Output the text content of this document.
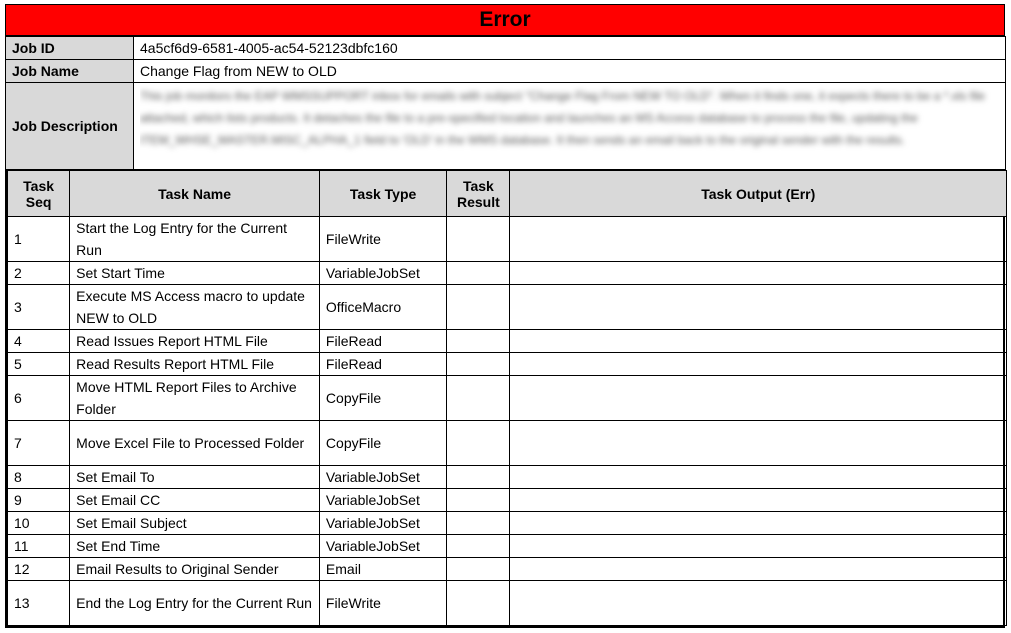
Error
Job ID	4a5cf6d9-6581-4005-ac54-52123dbfc160
Job Name	Change Flag from NEW to OLD
Job Description	This job monitors the EAP WMSSUPPORT inbox for emails with subject "Change Flag From NEW TO OLD". When it finds one, it expects there to be a *.xls file attached, which lists products. It detaches the file to a pre-specified location and launches an MS Access database to process the file, updating the ITEM_WHSE_MASTER.MISC_ALPHA_1 field to 'OLD' in the WMS database. It then sends an email back to the original sender with the results.
Task Seq	Task Name	Task Type	Task Result	Task Output (Err)
1	Start the Log Entry for the Current Run	FileWrite		
2	Set Start Time	VariableJobSet		
3	Execute MS Access macro to update NEW to OLD	OfficeMacro		
4	Read Issues Report HTML File	FileRead		
5	Read Results Report HTML File	FileRead		
6	Move HTML Report Files to Archive Folder	CopyFile		
7	Move Excel File to Processed Folder	CopyFile		
8	Set Email To	VariableJobSet		
9	Set Email CC	VariableJobSet		
10	Set Email Subject	VariableJobSet		
11	Set End Time	VariableJobSet		
12	Email Results to Original Sender	Email		
13	End the Log Entry for the Current Run	FileWrite		
